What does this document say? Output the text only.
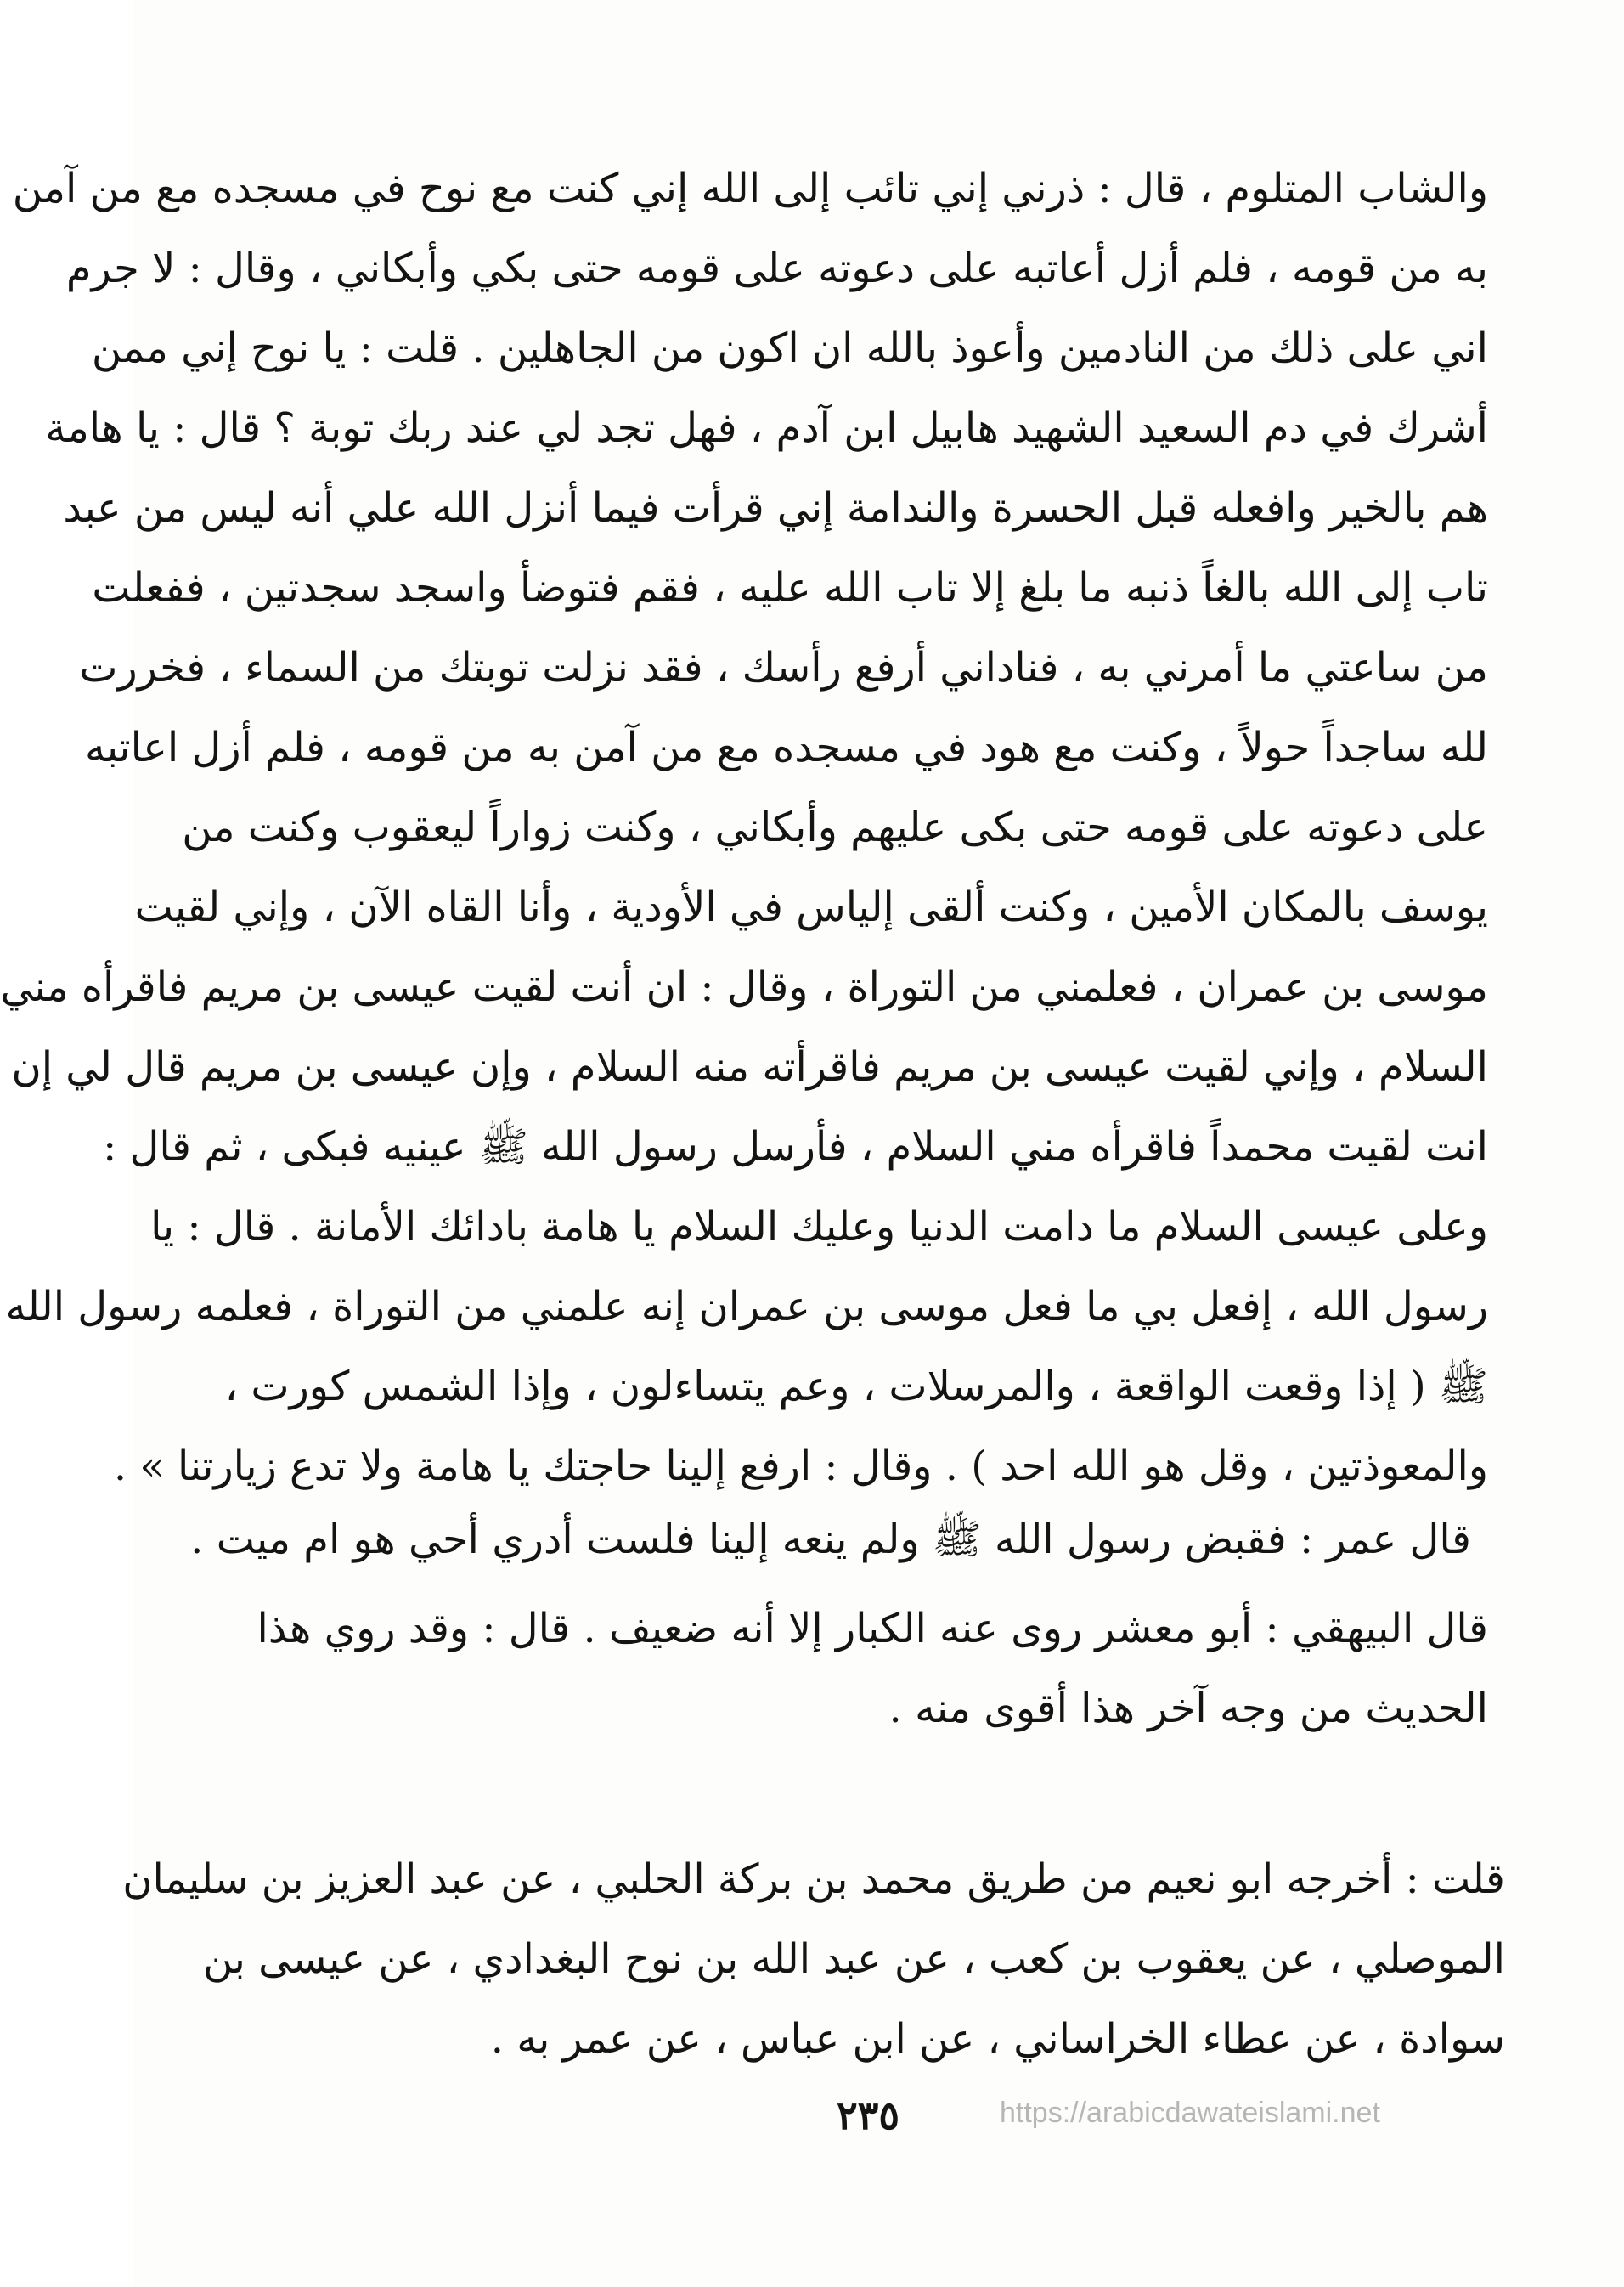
والشاب المتلوم ، قال : ذرني إني تائب إلى الله إني كنت مع نوح في مسجده مع من آمن
به من قومه ، فلم أزل أعاتبه على دعوته على قومه حتى بكي وأبكاني ، وقال : لا جرم
اني على ذلك من النادمين وأعوذ بالله ان اكون من الجاهلين . قلت : يا نوح إني ممن
أشرك في دم السعيد الشهيد هابيل ابن آدم ، فهل تجد لي عند ربك توبة ؟ قال : يا هامة
هم بالخير وافعله قبل الحسرة والندامة إني قرأت فيما أنزل الله علي أنه ليس من عبد
تاب إلى الله بالغاً ذنبه ما بلغ إلا تاب الله عليه ، فقم فتوضأ واسجد سجدتين ، ففعلت
من ساعتي ما أمرني به ، فناداني أرفع رأسك ، فقد نزلت توبتك من السماء ، فخررت
لله ساجداً حولاً ، وكنت مع هود في مسجده مع من آمن به من قومه ، فلم أزل اعاتبه
على دعوته على قومه حتى بكى عليهم وأبكاني ، وكنت زواراً ليعقوب وكنت من
يوسف بالمكان الأمين ، وكنت ألقى إلياس في الأودية ، وأنا القاه الآن ، وإني لقيت
موسى بن عمران ، فعلمني من التوراة ، وقال : ان أنت لقيت عيسى بن مريم فاقرأه مني
السلام ، وإني لقيت عيسى بن مريم فاقرأته منه السلام ، وإن عيسى بن مريم قال لي إن
انت لقيت محمداً فاقرأه مني السلام ، فأرسل رسول الله ﷺ عينيه فبكى ، ثم قال :
وعلى عيسى السلام ما دامت الدنيا وعليك السلام يا هامة بادائك الأمانة . قال : يا
رسول الله ، إفعل بي ما فعل موسى بن عمران إنه علمني من التوراة ، فعلمه رسول الله
ﷺ ( إذا وقعت الواقعة ، والمرسلات ، وعم يتساءلون ، وإذا الشمس كورت ،
والمعوذتين ، وقل هو الله احد ) . وقال : ارفع إلينا حاجتك يا هامة ولا تدع زيارتنا » .
قال عمر : فقبض رسول الله ﷺ ولم ينعه إلينا فلست أدري أحي هو ام ميت .
قال البيهقي : أبو معشر روى عنه الكبار إلا أنه ضعيف . قال : وقد روي هذا
الحديث من وجه آخر هذا أقوى منه .
قلت : أخرجه ابو نعيم من طريق محمد بن بركة الحلبي ، عن عبد العزيز بن سليمان
الموصلي ، عن يعقوب بن كعب ، عن عبد الله بن نوح البغدادي ، عن عيسى بن
سوادة ، عن عطاء الخراساني ، عن ابن عباس ، عن عمر به .
٢٣٥	https://arabicdawateislami.net
